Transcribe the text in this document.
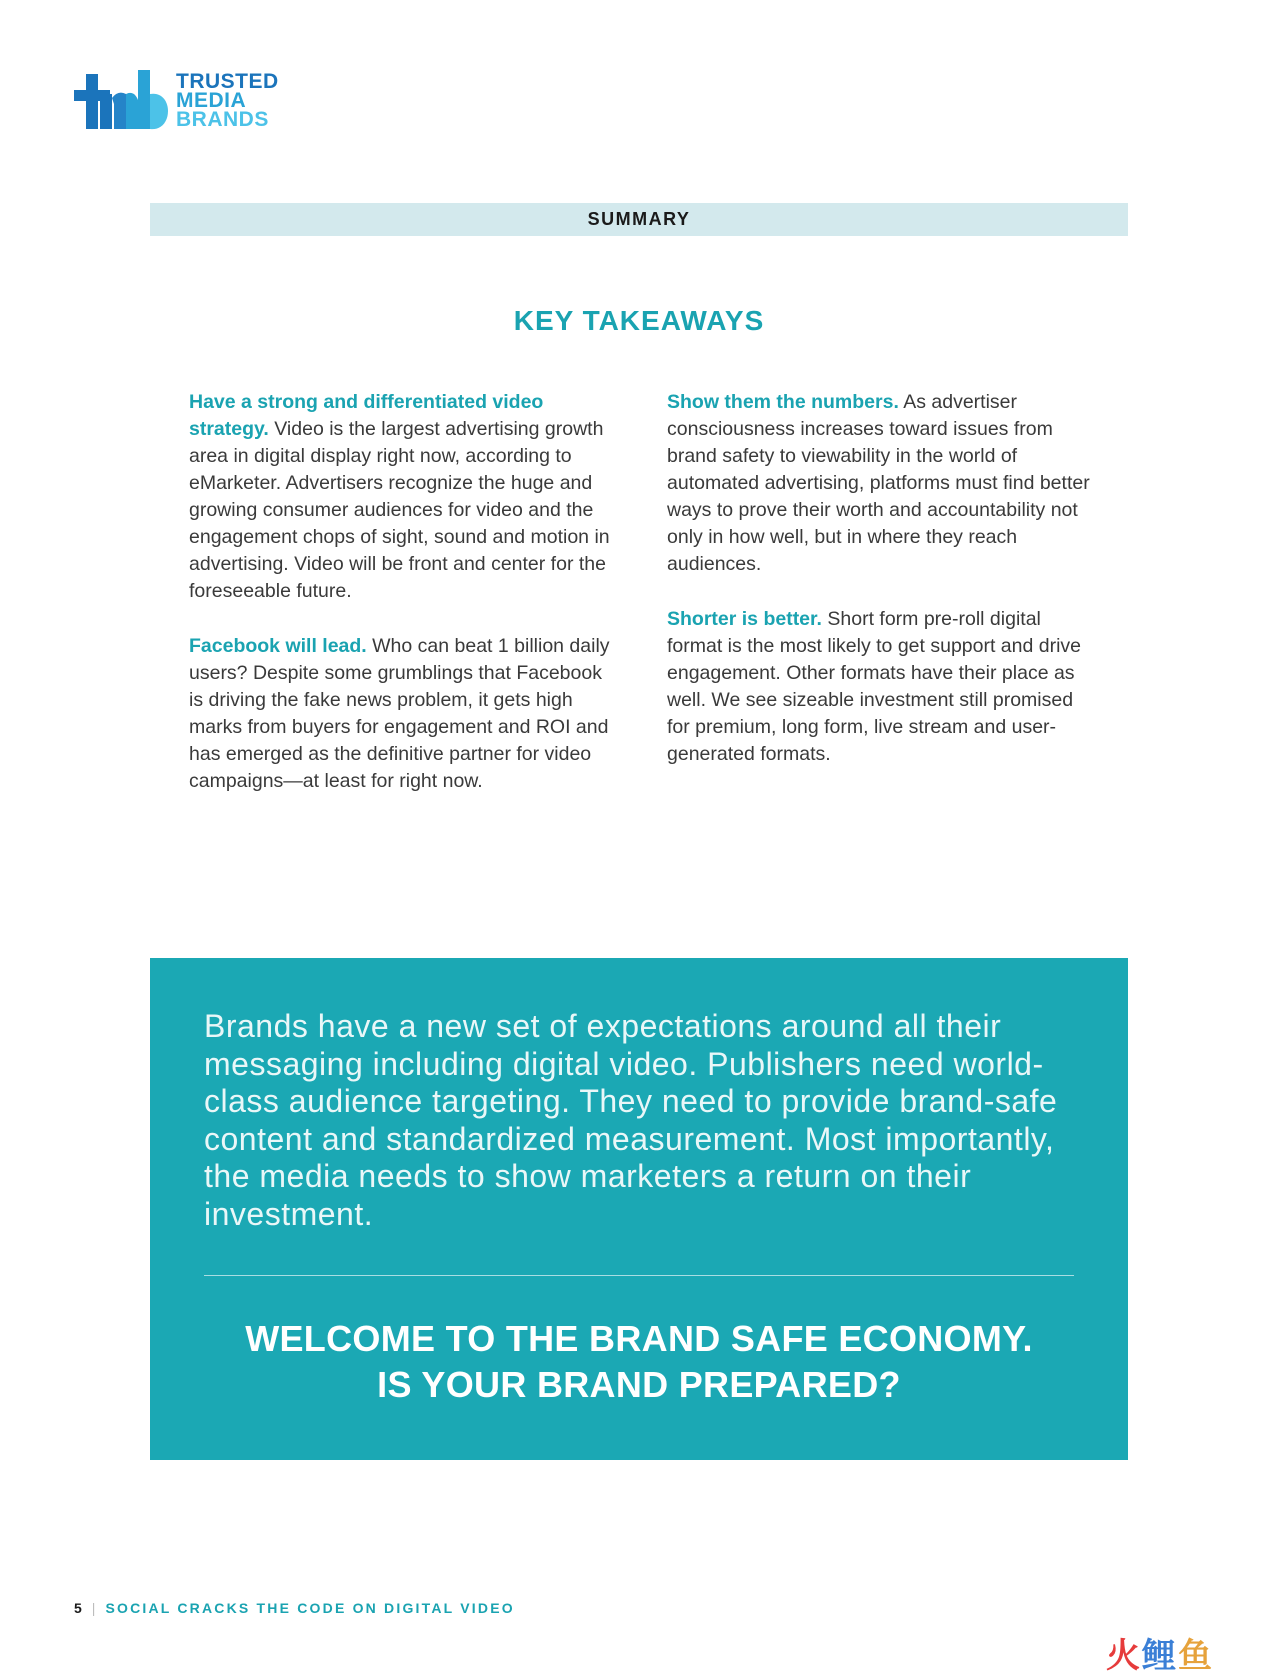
TRUSTED
MEDIA
BRANDS
SUMMARY
KEY TAKEAWAYS

Have a strong and differentiated video strategy. Video is the largest advertising growth area in digital display right now, according to eMarketer. Advertisers recognize the huge and growing consumer audiences for video and the engagement chops of sight, sound and motion in advertising. Video will be front and center for the foreseeable future.

Facebook will lead. Who can beat 1 billion daily users? Despite some grumblings that Facebook is driving the fake news problem, it gets high marks from buyers for engagement and ROI and has emerged as the definitive partner for video campaigns—at least for right now.

Show them the numbers. As advertiser consciousness increases toward issues from brand safety to viewability in the world of automated advertising, platforms must find better ways to prove their worth and accountability not only in how well, but in where they reach audiences.

Shorter is better. Short form pre-roll digital format is the most likely to get support and drive engagement. Other formats have their place as well. We see sizeable investment still promised for premium, long form, live stream and user-generated formats.

Brands have a new set of expectations around all their messaging including digital video. Publishers need world-class audience targeting. They need to provide brand-safe content and standardized measurement. Most importantly, the media needs to show marketers a return on their investment.
WELCOME TO THE BRAND SAFE ECONOMY.
IS YOUR BRAND PREPARED?
5 | SOCIAL CRACKS THE CODE ON DIGITAL VIDEO
火鲤鱼
